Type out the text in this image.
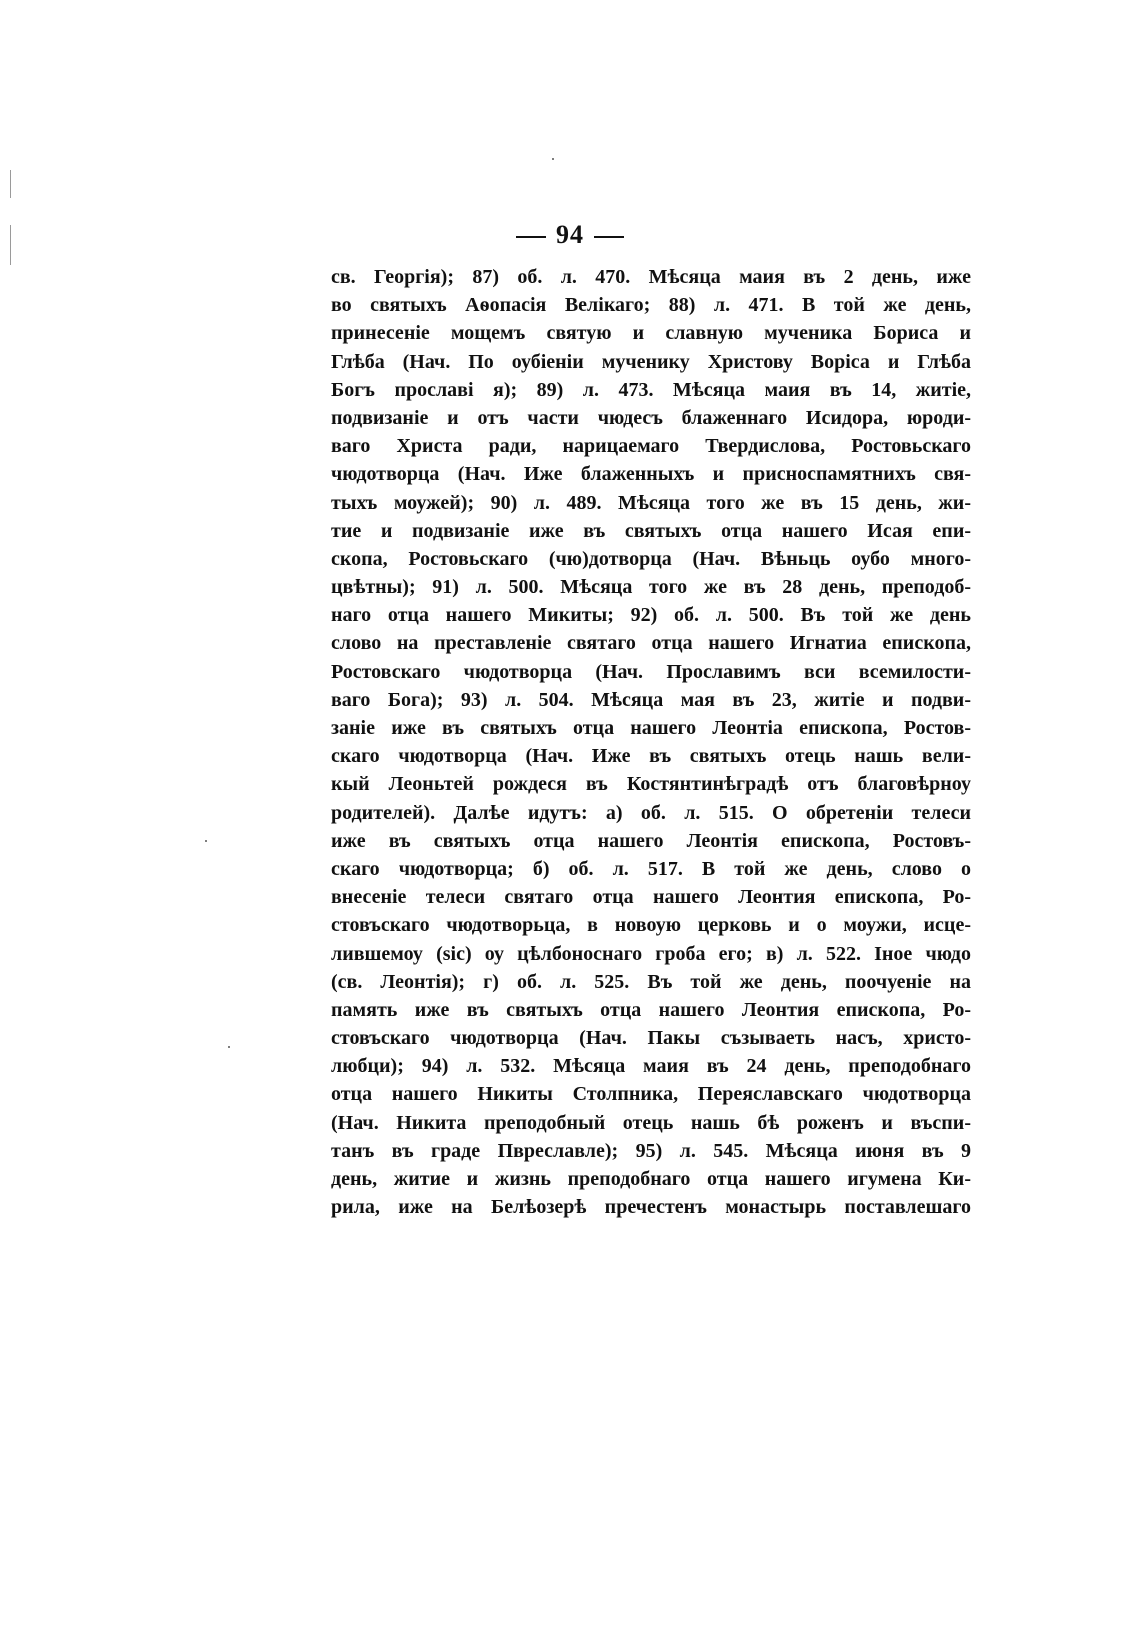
94
св. Георгія); 87) об. л. 470. Мѣсяца маия въ 2 день, иже
во святыхъ Аѳопасія Велікаго; 88) л. 471. В той же день,
принесеніе мощемъ святую и славную мученика Бориса и
Глѣба (Нач. По оубіеніи мученику Христову Воріса и Глѣба
Богъ прославі я); 89) л. 473. Мѣсяца маия въ 14, житіе,
подвизаніе и отъ части чюдесъ блаженнаго Исидора, юроди-
ваго Христа ради, нарицаемаго Твердислова, Ростовьскаго
чюдотворца (Нач. Иже блаженныхъ и присноспамятнихъ свя-
тыхъ моужей); 90) л. 489. Мѣсяца того же въ 15 день, жи-
тие и подвизаніе иже въ святыхъ отца нашего Исая епи-
скопа, Ростовьскаго (чю)дотворца (Нач. Вѣньць оубо много-
цвѣтны); 91) л. 500. Мѣсяца того же въ 28 день, преподоб-
наго отца нашего Микиты; 92) об. л. 500. Въ той же день
слово на преставленіе святаго отца нашего Игнатиа епископа,
Ростовскаго чюдотворца (Нач. Прославимъ вси всемилости-
ваго Бога); 93) л. 504. Мѣсяца мая въ 23, житіе и подви-
заніе иже въ святыхъ отца нашего Леонтіа епископа, Ростов-
скаго чюдотворца (Нач. Иже въ святыхъ отець нашь вели-
кый Леоньтей рождеся въ Костянтинѣградѣ отъ благовѣрноу
родителей). Далѣе идутъ: а) об. л. 515. О обретеніи телеси
иже въ святыхъ отца нашего Леонтія епископа, Ростовъ-
скаго чюдотворца; б) об. л. 517. В той же день, слово о
внесеніе телеси святаго отца нашего Леонтия епископа, Ро-
стовъскаго чюдотворьца, в новоую церковь и о моужи, исце-
лившемоу (sic) оу цѣлбоноснаго гроба его; в) л. 522. Іное чюдо
(св. Леонтія); г) об. л. 525. Въ той же день, поочуеніе на
память иже въ святыхъ отца нашего Леонтия епископа, Ро-
стовъскаго чюдотворца (Нач. Пакы съзываеть насъ, христо-
любци); 94) л. 532. Мѣсяца маия въ 24 день, преподобнаго
отца нашего Никиты Столпника, Переяславскаго чюдотворца
(Нач. Никита преподобный отець нашь бѣ роженъ и въспи-
танъ въ граде Пвреславле); 95) л. 545. Мѣсяца июня въ 9
день, житие и жизнь преподобнаго отца нашего игумена Ки-
рила, иже на Белѣозерѣ пречестенъ монастырь поставлешаго
